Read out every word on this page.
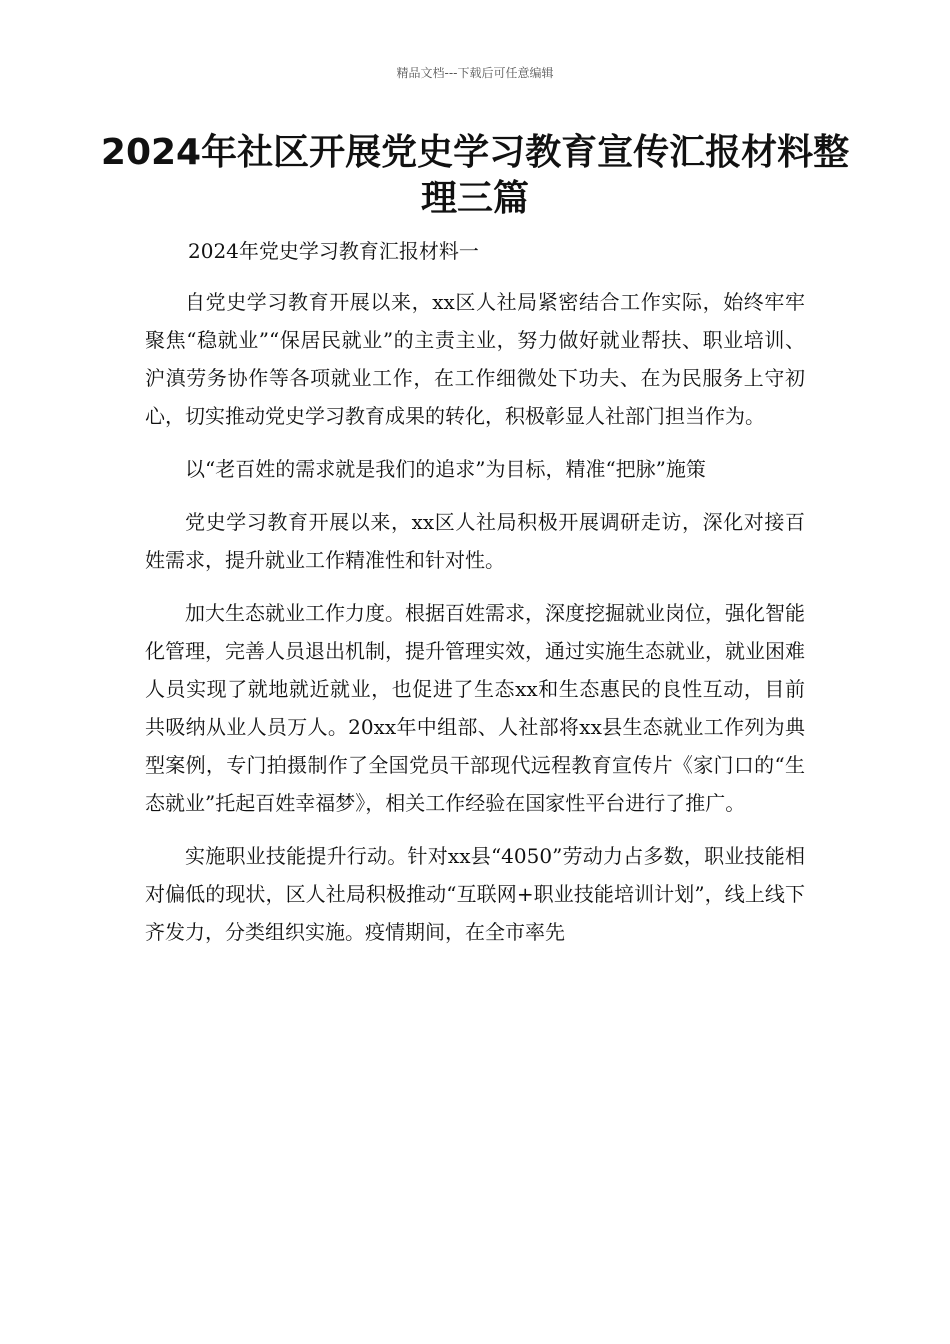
精品文档---下载后可任意编辑
2024年社区开展党史学习教育宣传汇报材料整理三篇

2024年党史学习教育汇报材料一

自党史学习教育开展以来，xx区人社局紧密结合工作实际，始终牢牢聚焦“稳就业”“保居民就业”的主责主业，努力做好就业帮扶、职业培训、沪滇劳务协作等各项就业工作，在工作细微处下功夫、在为民服务上守初心，切实推动党史学习教育成果的转化，积极彰显人社部门担当作为。

以“老百姓的需求就是我们的追求”为目标，精准“把脉”施策

党史学习教育开展以来，xx区人社局积极开展调研走访，深化对接百姓需求，提升就业工作精准性和针对性。

加大生态就业工作力度。根据百姓需求，深度挖掘就业岗位，强化智能化管理，完善人员退出机制，提升管理实效，通过实施生态就业，就业困难人员实现了就地就近就业，也促进了生态xx和生态惠民的良性互动，目前共吸纳从业人员万人。20xx年中组部、人社部将xx县生态就业工作列为典型案例，专门拍摄制作了全国党员干部现代远程教育宣传片《家门口的“生态就业”托起百姓幸福梦》，相关工作经验在国家性平台进行了推广。

实施职业技能提升行动。针对xx县“4050”劳动力占多数，职业技能相对偏低的现状，区人社局积极推动“互联网+职业技能培训计划”，线上线下齐发力，分类组织实施。疫情期间，在全市率先
